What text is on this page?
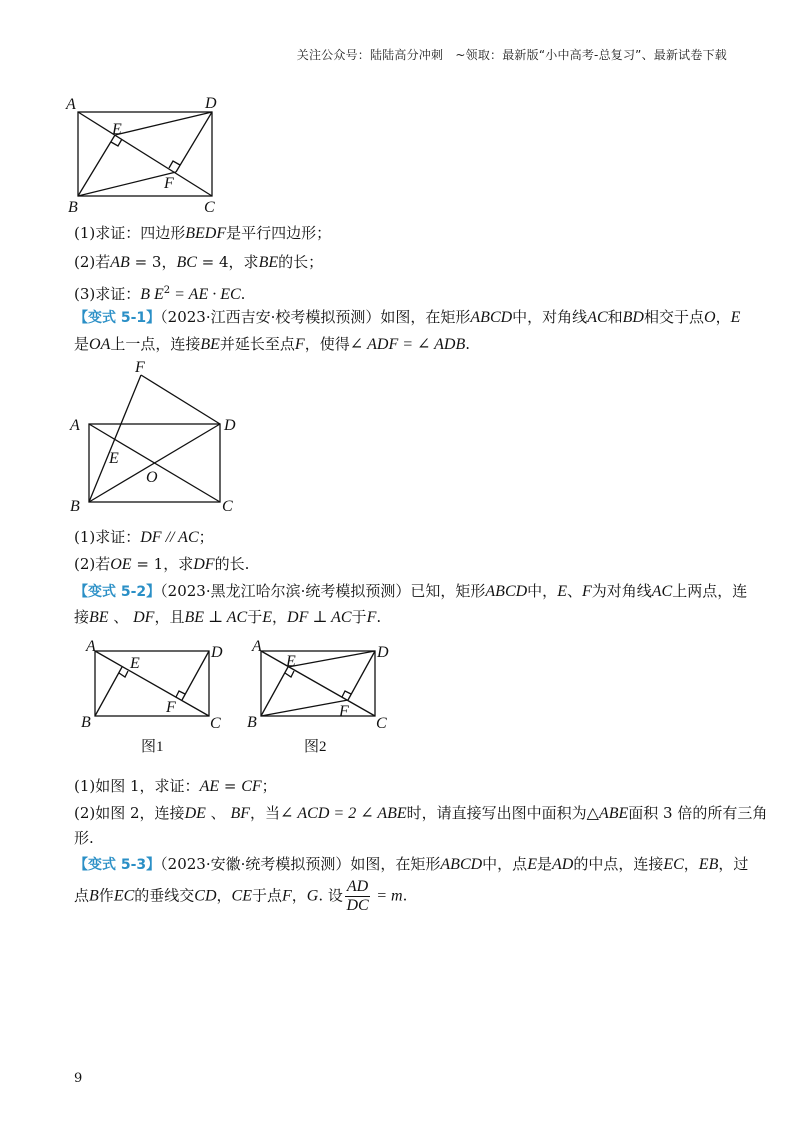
关注公众号：陆陆高分冲刺　~领取：最新版“小中高考-总复习”、最新试卷下载
A	D
E
F
B	C
(1)求证：四边形BEDF是平行四边形；
(2)若AB = 3，BC = 4，求BE的长；
(3)求证：B $E^2$ = AE · EC.
【变式 5-1】（2023·江西吉安·校考模拟预测）如图，在矩形ABCD中，对角线AC和BD相交于点O，E
是OA上一点，连接BE并延长至点F，使得∠ ADF = ∠ ADB.
F
A	D
E
O
B	C
(1)求证：DF // AC；
(2)若OE = 1，求DF的长.
【变式 5-2】（2023·黑龙江哈尔滨·统考模拟预测）已知，矩形ABCD中，E、F为对角线AC上两点，连
接BE 、 DF，且BE ⊥ AC于E，DF ⊥ AC于F.
A	D
E
F
B	C
图1
A	D
E
F
B	C
图2
(1)如图 1，求证：AE = CF；
(2)如图 2，连接DE 、 BF，当∠ ACD = 2 ∠ ABE时，请直接写出图中面积为△ABE面积 3 倍的所有三角
形.
【变式 5-3】（2023·安徽·统考模拟预测）如图，在矩形ABCD中，点E是AD的中点，连接EC，EB，过
点B作EC的垂线交CD，CE于点F，G. 设 $\frac{AD}{DC} = m$.
9
